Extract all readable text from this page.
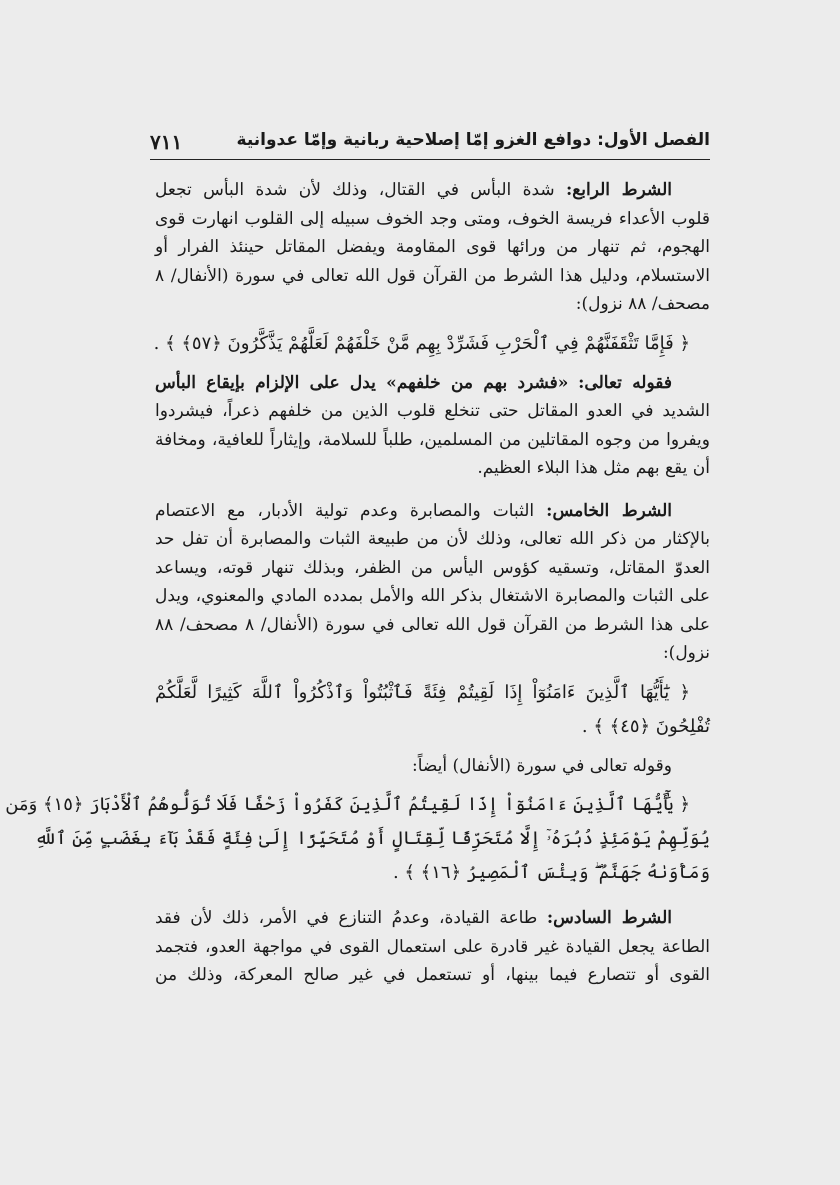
الفصل الأول: دوافع الغزو إمّا إصلاحية ربانية وإمّا عدوانية
٧١١
الشرط الرابع: شدة البأس في القتال، وذلك لأن شدة البأس تجعل
قلوب الأعداء فريسة الخوف، ومتى وجد الخوف سبيله إلى القلوب انهارت قوى
الهجوم، ثم تنهار من ورائها قوى المقاومة ويفضل المقاتل حينئذ الفرار أو
الاستسلام، ودليل هذا الشرط من القرآن قول الله تعالى في سورة (الأنفال/ ٨
مصحف/ ٨٨ نزول):
﴿ فَإِمَّا تَثْقَفَنَّهُمْ فِي ٱلْحَرْبِ فَشَرِّدْ بِهِم مَّنْ خَلْفَهُمْ لَعَلَّهُمْ يَذَّكَّرُونَ ﴿٥٧﴾ ﴾ .
فقوله تعالى: «فشرد بهم من خلفهم» يدل على الإلزام بإيقاع البأس
الشديد في العدو المقاتل حتى تنخلع قلوب الذين من خلفهم ذعراً، فيشردوا
ويفروا من وجوه المقاتلين من المسلمين، طلباً للسلامة، وإيثاراً للعافية، ومخافة
أن يقع بهم مثل هذا البلاء العظيم.
الشرط الخامس: الثبات والمصابرة وعدم تولية الأدبار، مع الاعتصام
بالإكثار من ذكر الله تعالى، وذلك لأن من طبيعة الثبات والمصابرة أن تفل حد
العدوّ المقاتل، وتسقيه كؤوس اليأس من الظفر، وبذلك تنهار قوته، ويساعد
على الثبات والمصابرة الاشتغال بذكر الله والأمل بمدده المادي والمعنوي، ويدل
على هذا الشرط من القرآن قول الله تعالى في سورة (الأنفال/ ٨ مصحف/ ٨٨
نزول):
﴿ يَٰٓأَيُّهَا ٱلَّذِينَ ءَامَنُوٓاْ إِذَا لَقِيتُمْ فِئَةً فَٱثْبُتُواْ وَٱذْكُرُواْ ٱللَّهَ كَثِيرًا لَّعَلَّكُمْ
تُفْلِحُونَ ﴿٤٥﴾ ﴾ .
وقوله تعالى في سورة (الأنفال) أيضاً:
﴿ يَٰٓأَيُّهَا ٱلَّذِينَ ءَامَنُوٓاْ إِذَا لَقِيتُمُ ٱلَّذِينَ كَفَرُواْ زَحْفًا فَلَا تُوَلُّوهُمُ ٱلْأَدْبَارَ ﴿١٥﴾ وَمَن
يُوَلِّهِمْ يَوْمَئِذٍ دُبُرَهُۥٓ إِلَّا مُتَحَرِّفًا لِّقِتَالٍ أَوْ مُتَحَيِّزًا إِلَىٰ فِئَةٍ فَقَدْ بَآءَ بِغَضَبٍ مِّنَ ٱللَّهِ
وَمَأْوَىٰهُ جَهَنَّمُ ۖ وَبِئْسَ ٱلْمَصِيرُ ﴿١٦﴾ ﴾ .
الشرط السادس: طاعة القيادة، وعدمُ التنازع في الأمر، ذلك لأن فقد
الطاعة يجعل القيادة غير قادرة على استعمال القوى في مواجهة العدو، فتجمد
القوى أو تتصارع فيما بينها، أو تستعمل في غير صالح المعركة، وذلك من
